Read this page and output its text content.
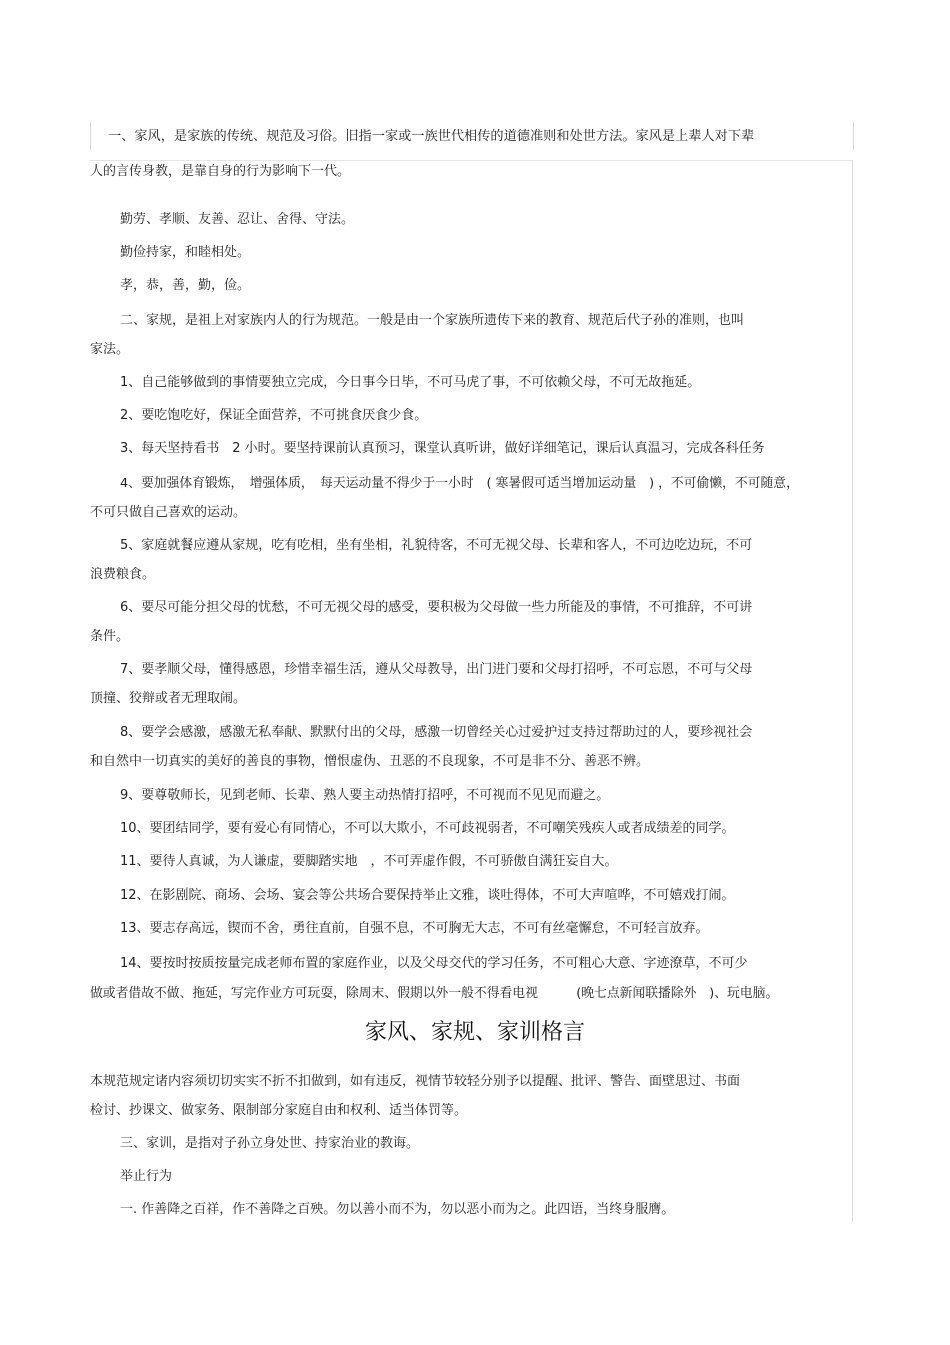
一、家风，是家族的传统、规范及习俗。旧指一家或一族世代相传的道德准则和处世方法。家风是上辈人对下辈
人的言传身教，是靠自身的行为影响下一代。
勤劳、孝顺、友善、忍让、舍得、守法。
勤俭持家，和睦相处。
孝，恭，善，勤，俭。
二、家规，是祖上对家族内人的行为规范。一般是由一个家族所遗传下来的教育、规范后代子孙的准则，也叫
家法。
1、自己能够做到的事情要独立完成，今日事今日毕，不可马虎了事，不可依赖父母，不可无故拖延。
2、要吃饱吃好，保证全面营养，不可挑食厌食少食。
3、每天坚持看书　2 小时。要坚持课前认真预习，课堂认真听讲，做好详细笔记，课后认真温习，完成各科任务
4、要加强体育锻炼，　增强体质，　每天运动量不得少于一小时　( 寒暑假可适当增加运动量　) ，不可偷懒，不可随意，
不可只做自己喜欢的运动。
5、家庭就餐应遵从家规，吃有吃相，坐有坐相，礼貌待客，不可无视父母、长辈和客人，不可边吃边玩，不可
浪费粮食。
6、要尽可能分担父母的忧愁，不可无视父母的感受，要积极为父母做一些力所能及的事情，不可推辞，不可讲
条件。
7、要孝顺父母，懂得感恩，珍惜幸福生活，遵从父母教导，出门进门要和父母打招呼，不可忘恩，不可与父母
顶撞、狡辩或者无理取闹。
8、要学会感激，感激无私奉献、默默付出的父母，感激一切曾经关心过爱护过支持过帮助过的人，要珍视社会
和自然中一切真实的美好的善良的事物，憎恨虚伪、丑恶的不良现象，不可是非不分、善恶不辨。
9、要尊敬师长，见到老师、长辈、熟人要主动热情打招呼，不可视而不见见而避之。
10、要团结同学，要有爱心有同情心，不可以大欺小，不可歧视弱者，不可嘲笑残疾人或者成绩差的同学。
11、要待人真诚，为人谦虚，要脚踏实地　，不可弄虚作假，不可骄傲自满狂妄自大。
12、在影剧院、商场、会场、宴会等公共场合要保持举止文雅，谈吐得体，不可大声喧哗，不可嬉戏打闹。
13、要志存高远，锲而不舍，勇往直前，自强不息，不可胸无大志，不可有丝毫懈怠，不可轻言放弃。
14、要按时按质按量完成老师布置的家庭作业，以及父母交代的学习任务，不可粗心大意、字迹潦草，不可少
做或者借故不做、拖延，写完作业方可玩耍，除周末、假期以外一般不得看电视　　　(晚七点新闻联播除外　)、玩电脑。
家风、家规、家训格言
本规范规定诸内容须切切实实不折不扣做到，如有违反，视情节较轻分别予以提醒、批评、警告、面壁思过、书面
检讨、抄课文、做家务、限制部分家庭自由和权利、适当体罚等。
三、家训，是指对子孙立身处世、持家治业的教诲。
举止行为
一. 作善降之百祥，作不善降之百殃。勿以善小而不为，勿以恶小而为之。此四语，当终身服膺。
